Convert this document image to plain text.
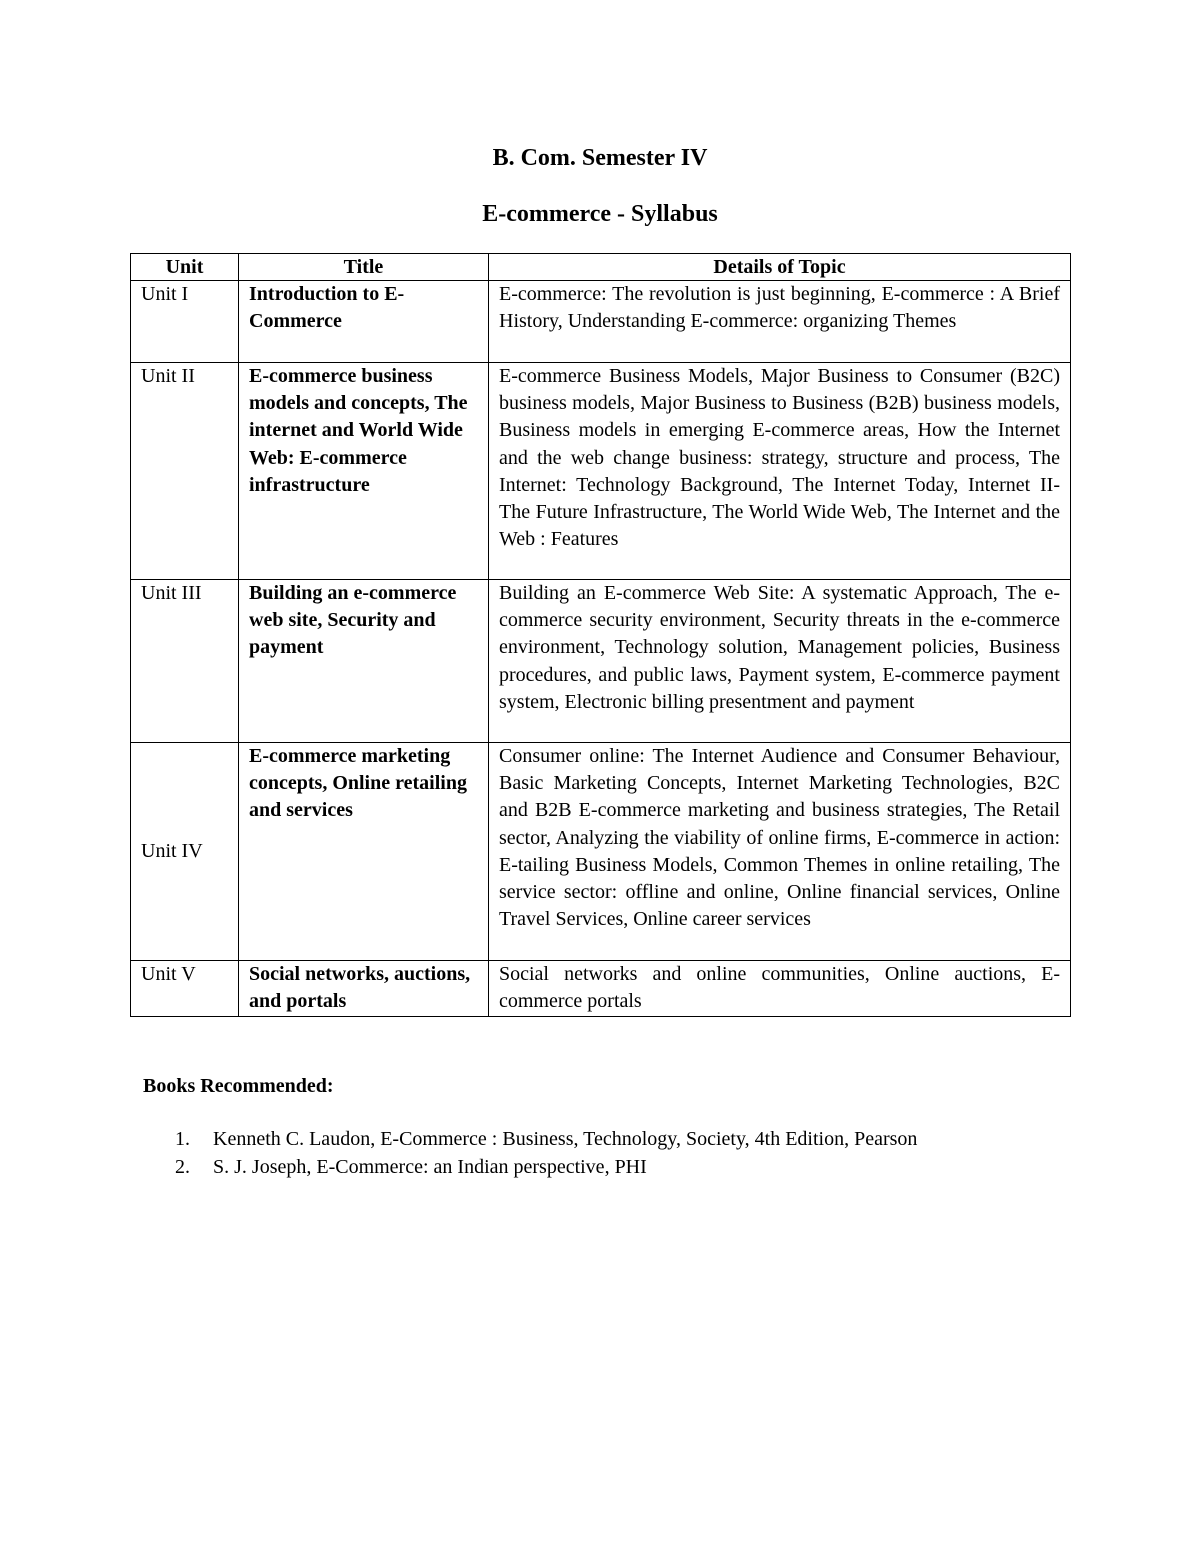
B. Com. Semester IV
E-commerce - Syllabus
Unit	Title	Details of Topic
Unit I	Introduction to E-Commerce	E-commerce: The revolution is just beginning, E-commerce : A Brief History, Understanding E-commerce: organizing Themes
Unit II	E-commerce business models and concepts, The internet and World Wide Web: E-commerce infrastructure	E-commerce Business Models, Major Business to Consumer (B2C) business models, Major Business to Business (B2B) business models, Business models in emerging E-commerce areas, How the Internet and the web change business: strategy, structure and process, The Internet: Technology Background, The Internet Today, Internet II- The Future Infrastructure, The World Wide Web, The Internet and the Web : Features
Unit III	Building an e-commerce web site, Security and payment	Building an E-commerce Web Site: A systematic Approach, The e-commerce security environment, Security threats in the e-commerce environment, Technology solution, Management policies, Business procedures, and public laws, Payment system, E-commerce payment system, Electronic billing presentment and payment
Unit IV	E-commerce marketing concepts, Online retailing and services	Consumer online: The Internet Audience and Consumer Behaviour, Basic Marketing Concepts, Internet Marketing Technologies, B2C and B2B E-commerce marketing and business strategies, The Retail sector, Analyzing the viability of online firms, E-commerce in action: E-tailing Business Models, Common Themes in online retailing, The service sector: offline and online, Online financial services, Online Travel Services, Online career services
Unit V	Social networks, auctions, and portals	Social networks and online communities, Online auctions, E-commerce portals
Books Recommended:
1. Kenneth C. Laudon, E-Commerce : Business, Technology, Society, 4th Edition, Pearson
2. S. J. Joseph, E-Commerce: an Indian perspective, PHI
